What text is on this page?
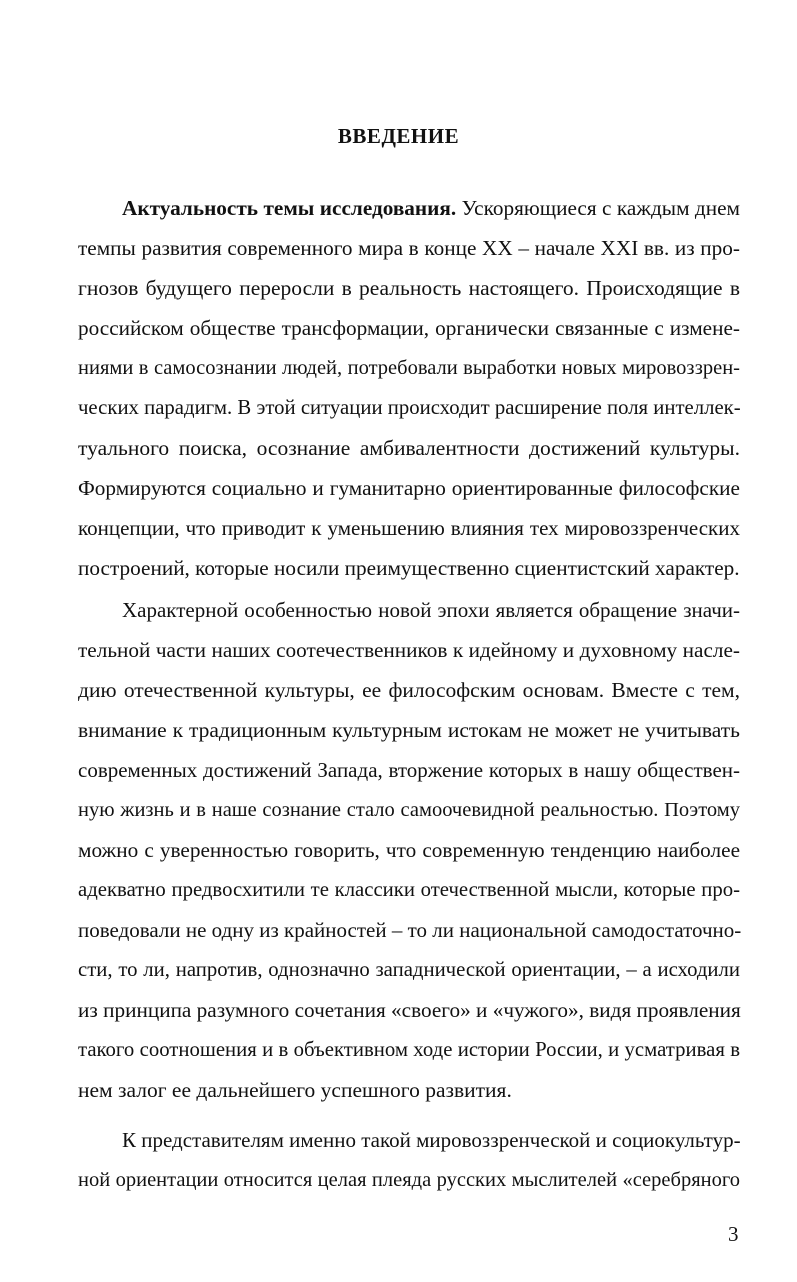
ВВЕДЕНИЕ
Актуальность темы исследования. Ускоряющиеся с каждым днем
темпы развития современного мира в конце XX – начале XXI вв. из про-
гнозов будущего переросли в реальность настоящего. Происходящие в
российском обществе трансформации, органически связанные с измене-
ниями в самосознании людей, потребовали выработки новых мировоззрен-
ческих парадигм. В этой ситуации происходит расширение поля интеллек-
туального поиска, осознание амбивалентности достижений культуры.
Формируются социально и гуманитарно ориентированные философские
концепции, что приводит к уменьшению влияния тех мировоззренческих
построений, которые носили преимущественно сциентистский характер.
Характерной особенностью новой эпохи является обращение значи-
тельной части наших соотечественников к идейному и духовному насле-
дию отечественной культуры, ее философским основам. Вместе с тем,
внимание к традиционным культурным истокам не может не учитывать
современных достижений Запада, вторжение которых в нашу обществен-
ную жизнь и в наше сознание стало самоочевидной реальностью. Поэтому
можно с уверенностью говорить, что современную тенденцию наиболее
адекватно предвосхитили те классики отечественной мысли, которые про-
поведовали не одну из крайностей – то ли национальной самодостаточно-
сти, то ли, напротив, однозначно западнической ориентации, – а исходили
из принципа разумного сочетания «своего» и «чужого», видя проявления
такого соотношения и в объективном ходе истории России, и усматривая в
нем залог ее дальнейшего успешного развития.
К представителям именно такой мировоззренческой и социокультур-
ной ориентации относится целая плеяда русских мыслителей «серебряного
3
